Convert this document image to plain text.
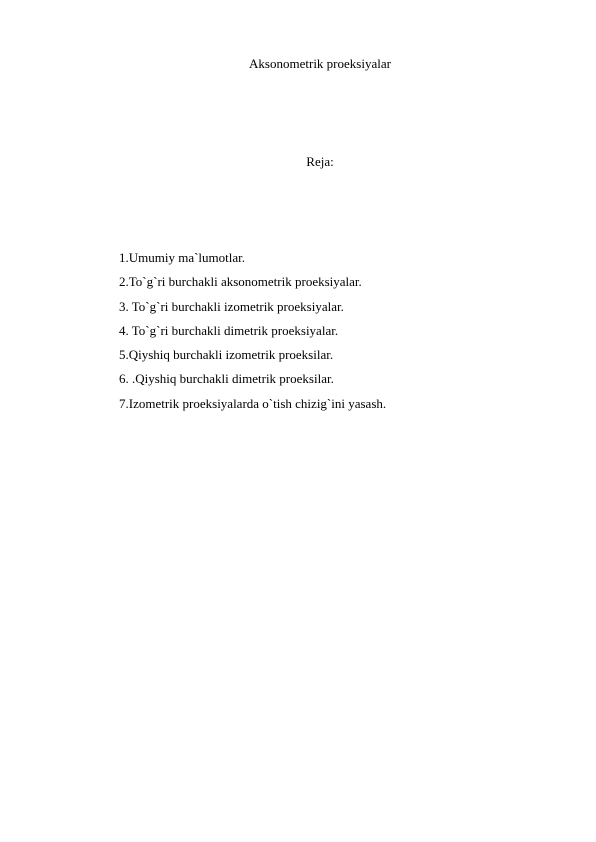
Aksonometrik proeksiyalar
Reja:
1.Umumiy ma`lumotlar.
2.To`g`ri burchakli aksonometrik proeksiyalar.
3. To`g`ri burchakli izometrik proeksiyalar.
4. To`g`ri burchakli dimetrik proeksiyalar.
5.Qiyshiq burchakli izometrik proeksilar.
6. .Qiyshiq burchakli dimetrik proeksilar.
7.Izometrik proeksiyalarda o`tish chizig`ini yasash.
